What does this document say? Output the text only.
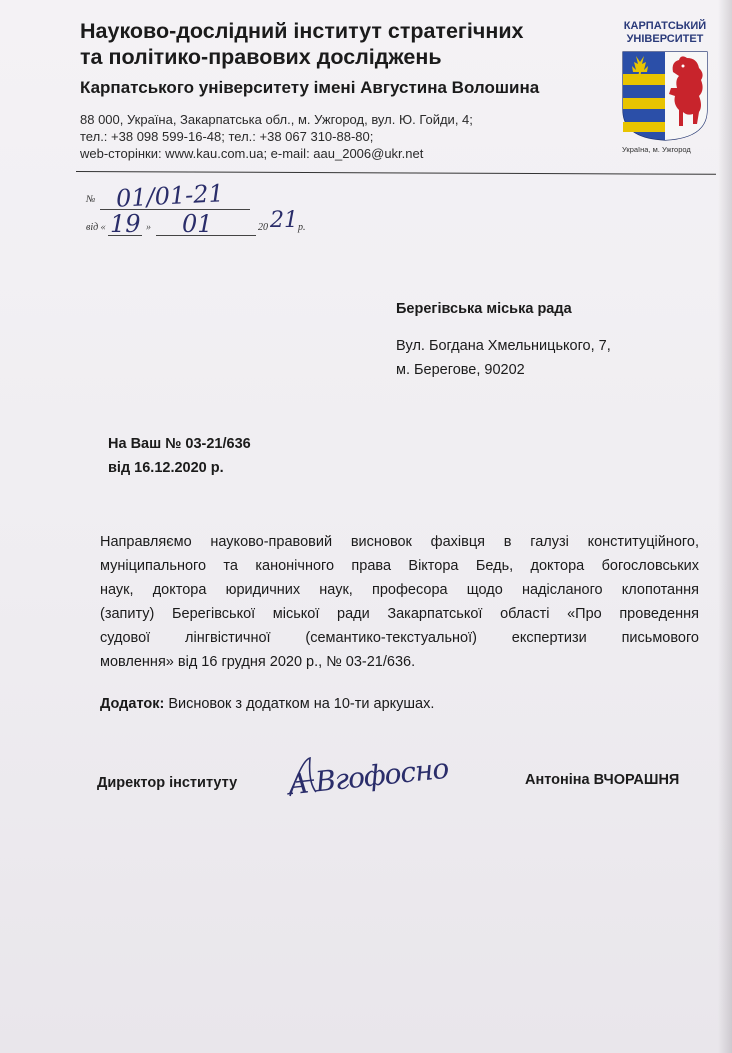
Науково-дослідний інститут стратегічних
та політико-правових досліджень
Карпатського університету імені Августина Волошина
88 000, Україна, Закарпатська обл., м. Ужгород, вул. Ю. Гойди, 4;
тел.: +38 098 599-16-48; тел.: +38 067 310-88-80;
web-сторінки: www.kau.com.ua; e-mail: aau_2006@ukr.net
КАРПАТСЬКИЙ
УНІВЕРСИТЕТ
Україна, м. Ужгород
№ 01/01-21
від « 19 » 01	20 21 р.
Берегівська міська рада
Вул. Богдана Хмельницького, 7,
м. Берегове, 90202
На Ваш № 03-21/636
від 16.12.2020 р.
Направляємо науково-правовий висновок фахівця в галузі конституційного,
муніципального та канонічного права Віктора Бедь, доктора богословських
наук, доктора юридичних наук, професора щодо надісланого клопотання
(запиту) Берегівської міської ради Закарпатської області «Про проведення
судової лінгвістичної (семантико-текстуальної) експертизи письмового
мовлення» від 16 грудня 2020 р., № 03-21/636.
Додаток: Висновок з додатком на 10-ти аркушах.
Директор інституту A Вгофосно	Антоніна ВЧОРАШНЯ
